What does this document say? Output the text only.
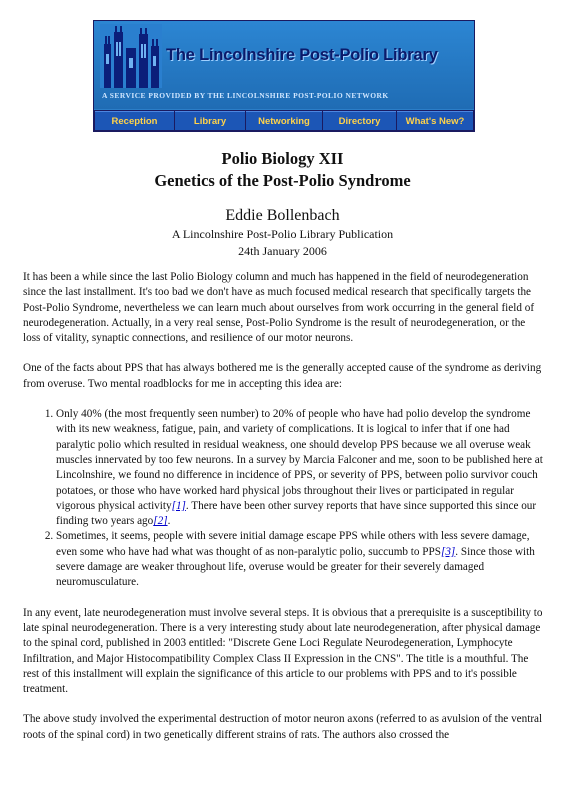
The Lincolnshire Post-Polio Library
A SERVICE PROVIDED BY THE LINCOLNSHIRE POST-POLIO NETWORK
Reception	Library	Networking	Directory	What's New?
Polio Biology XII
Genetics of the Post-Polio Syndrome
Eddie Bollenbach
A Lincolnshire Post-Polio Library Publication
24th January 2006

It has been a while since the last Polio Biology column and much has happened in the field of neurodegeneration since the last installment. It's too bad we don't have as much focused medical research that specifically targets the Post-Polio Syndrome, nevertheless we can learn much about ourselves from work occurring in the general field of neurodegeneration. Actually, in a very real sense, Post-Polio Syndrome is the result of neurodegeneration, or the loss of vitality, synaptic connections, and resilience of our motor neurons.

One of the facts about PPS that has always bothered me is the generally accepted cause of the syndrome as deriving from overuse. Two mental roadblocks for me in accepting this idea are:

1. Only 40% (the most frequently seen number) to 20% of people who have had polio develop the syndrome with its new weakness, fatigue, pain, and variety of complications. It is logical to infer that if one had paralytic polio which resulted in residual weakness, one should develop PPS because we all overuse weak muscles innervated by too few neurons. In a survey by Marcia Falconer and me, soon to be published here at Lincolnshire, we found no difference in incidence of PPS, or severity of PPS, between polio survivor couch potatoes, or those who have worked hard physical jobs throughout their lives or participated in regular vigorous physical activity[1]. There have been other survey reports that have since supported this since our finding two years ago[2].
2. Sometimes, it seems, people with severe initial damage escape PPS while others with less severe damage, even some who have had what was thought of as non-paralytic polio, succumb to PPS[3]. Since those with severe damage are weaker throughout life, overuse would be greater for their severely damaged neuromusculature.

In any event, late neurodegeneration must involve several steps. It is obvious that a prerequisite is a susceptibility to late spinal neurodegeneration. There is a very interesting study about late neurodegeneration, after physical damage to the spinal cord, published in 2003 entitled: "Discrete Gene Loci Regulate Neurodegeneration, Lymphocyte Infiltration, and Major Histocompatibility Complex Class II Expression in the CNS". The title is a mouthful. The rest of this installment will explain the significance of this article to our problems with PPS and to it's possible treatment.

The above study involved the experimental destruction of motor neuron axons (referred to as avulsion of the ventral roots of the spinal cord) in two genetically different strains of rats. The authors also crossed the
